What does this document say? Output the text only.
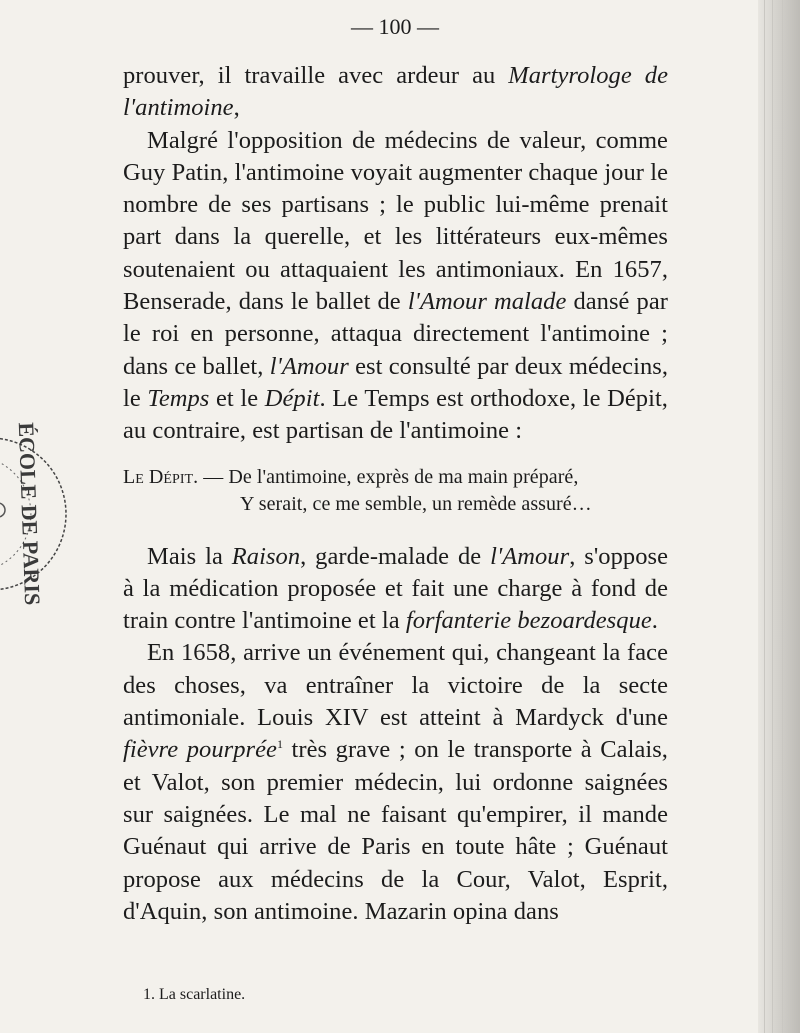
ÉCOLE DE PARIS
— 100 —

prouver, il travaille avec ardeur au Martyrologe de l'antimoine,

Malgré l'opposition de médecins de valeur, comme Guy Patin, l'antimoine voyait augmenter chaque jour le nombre de ses partisans ; le public lui-même prenait part dans la querelle, et les littérateurs eux-mêmes soutenaient ou attaquaient les antimoniaux. En 1657, Benserade, dans le ballet de l'Amour malade dansé par le roi en personne, attaqua directement l'antimoine ; dans ce ballet, l'Amour est consulté par deux médecins, le Temps et le Dépit. Le Temps est orthodoxe, le Dépit, au contraire, est partisan de l'antimoine :

Le Dépit. — De l'antimoine, exprès de ma main préparé,
Y serait, ce me semble, un remède assuré…

Mais la Raison, garde-malade de l'Amour, s'oppose à la médication proposée et fait une charge à fond de train contre l'antimoine et la forfanterie bezoardesque.

En 1658, arrive un événement qui, changeant la face des choses, va entraîner la victoire de la secte antimoniale. Louis XIV est atteint à Mardyck d'une fièvre pourprée$^1$ très grave ; on le transporte à Calais, et Valot, son premier médecin, lui ordonne saignées sur saignées. Le mal ne faisant qu'empirer, il mande Guénaut qui arrive de Paris en toute hâte ; Guénaut propose aux médecins de la Cour, Valot, Esprit, d'Aquin, son antimoine. Mazarin opina dans

1. La scarlatine.
